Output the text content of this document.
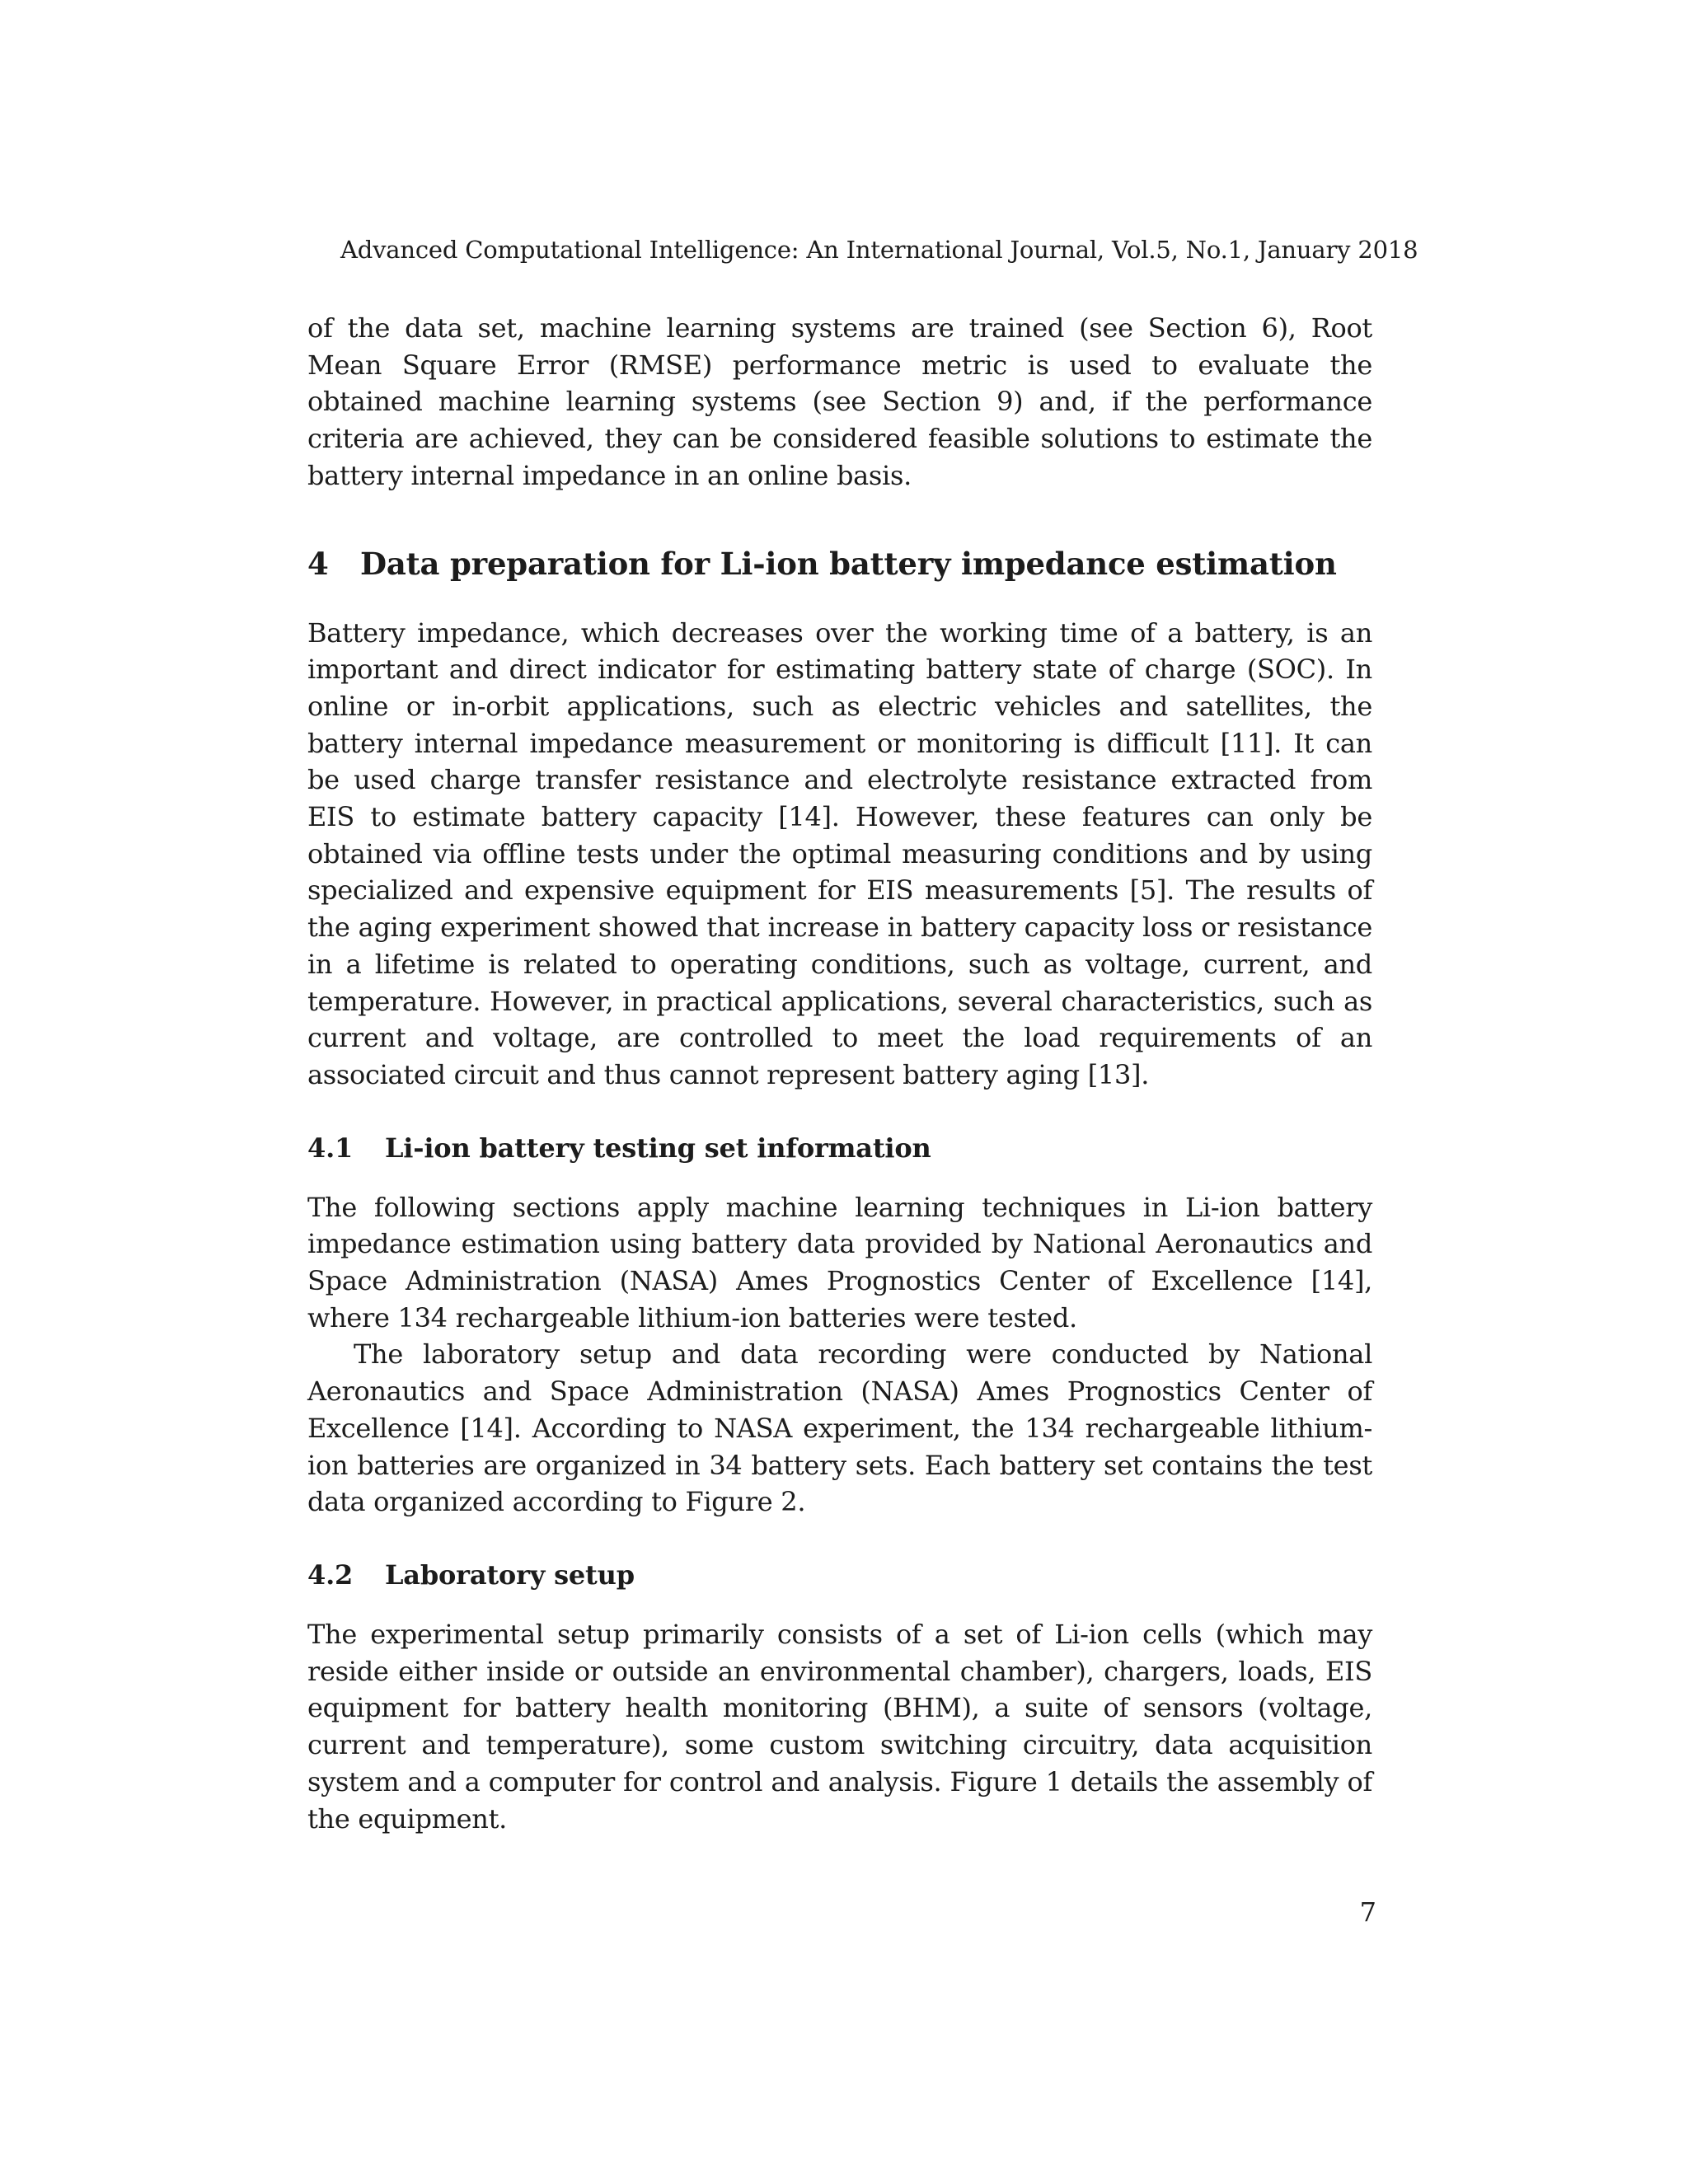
Advanced Computational Intelligence: An International Journal, Vol.5, No.1, January 2018

of the data set, machine learning systems are trained (see Section 6), Root Mean Square Error (RMSE) performance metric is used to evaluate the obtained machine learning systems (see Section 9) and, if the performance criteria are achieved, they can be considered feasible solutions to estimate the battery internal impedance in an online basis.

4	Data preparation for Li-ion battery impedance estimation

Battery impedance, which decreases over the working time of a battery, is an important and direct indicator for estimating battery state of charge (SOC). In online or in-orbit applications, such as electric vehicles and satellites, the battery internal impedance measurement or monitoring is difficult [11]. It can be used charge transfer resistance and electrolyte resistance extracted from EIS to estimate battery capacity [14]. However, these features can only be obtained via offline tests under the optimal measuring conditions and by using specialized and expensive equipment for EIS measurements [5]. The results of the aging experiment showed that increase in battery capacity loss or resistance in a lifetime is related to operating conditions, such as voltage, current, and temperature. However, in practical applications, several characteristics, such as current and voltage, are controlled to meet the load requirements of an associated circuit and thus cannot represent battery aging [13].

4.1	Li-ion battery testing set information

The following sections apply machine learning techniques in Li-ion battery impedance estimation using battery data provided by National Aeronautics and Space Administration (NASA) Ames Prognostics Center of Excellence [14], where 134 rechargeable lithium-ion batteries were tested.

The laboratory setup and data recording were conducted by National Aeronautics and Space Administration (NASA) Ames Prognostics Center of Excellence [14]. According to NASA experiment, the 134 rechargeable lithium-ion batteries are organized in 34 battery sets. Each battery set contains the test data organized according to Figure 2.

4.2	Laboratory setup

The experimental setup primarily consists of a set of Li-ion cells (which may reside either inside or outside an environmental chamber), chargers, loads, EIS equipment for battery health monitoring (BHM), a suite of sensors (voltage, current and temperature), some custom switching circuitry, data acquisition system and a computer for control and analysis. Figure 1 details the assembly of the equipment.

7
